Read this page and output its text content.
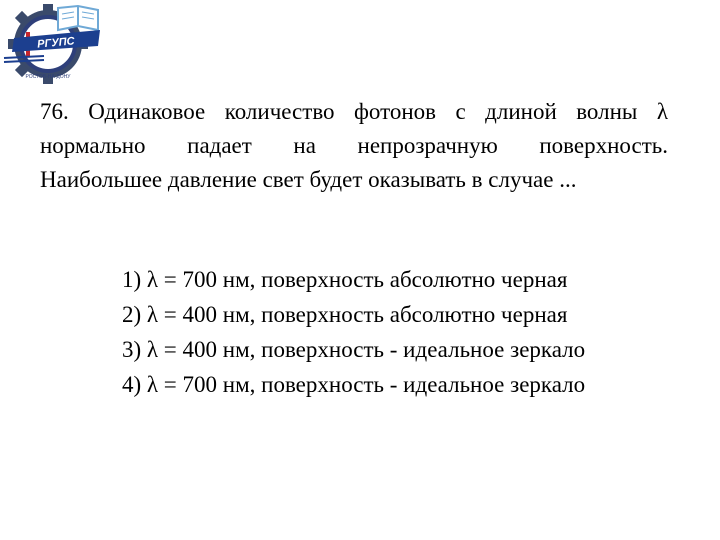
РГУПС
РОСТОВ-НА-ДОНУ
76. Одинаковое количество фотонов с длиной волны λ
нормально падает на непрозрачную поверхность.
Наибольшее давление свет будет оказывать в случае ...
1) λ = 700 нм, поверхность абсолютно черная
2) λ = 400 нм, поверхность абсолютно черная
3) λ = 400 нм, поверхность - идеальное зеркало
4) λ = 700 нм, поверхность - идеальное зеркало
